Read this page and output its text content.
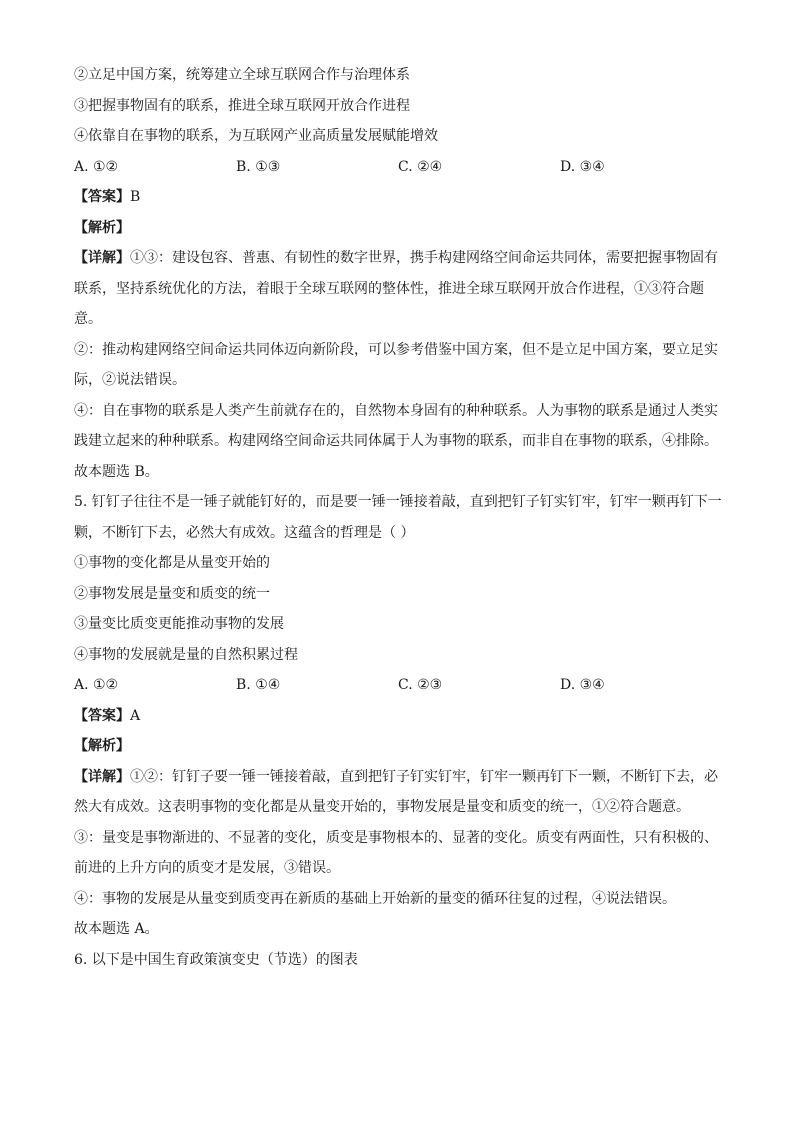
②立足中国方案，统筹建立全球互联网合作与治理体系
③把握事物固有的联系，推进全球互联网开放合作进程
④依靠自在事物的联系，为互联网产业高质量发展赋能增效
A. ①②	B. ①③	C. ②④	D. ③④
【答案】B
【解析】
【详解】①③：建设包容、普惠、有韧性的数字世界，携手构建网络空间命运共同体，需要把握事物固有
联系，坚持系统优化的方法，着眼于全球互联网的整体性，推进全球互联网开放合作进程，①③符合题
意。
②：推动构建网络空间命运共同体迈向新阶段，可以参考借鉴中国方案，但不是立足中国方案，要立足实
际，②说法错误。
④：自在事物的联系是人类产生前就存在的，自然物本身固有的种种联系。人为事物的联系是通过人类实
践建立起来的种种联系。构建网络空间命运共同体属于人为事物的联系，而非自在事物的联系，④排除。
故本题选 B。
5. 钉钉子往往不是一锤子就能钉好的，而是要一锤一锤接着敲，直到把钉子钉实钉牢，钉牢一颗再钉下一
颗，不断钉下去，必然大有成效。这蕴含的哲理是（ ）
①事物的变化都是从量变开始的
②事物发展是量变和质变的统一
③量变比质变更能推动事物的发展
④事物的发展就是量的自然积累过程
A. ①②	B. ①④	C. ②③	D. ③④
【答案】A
【解析】
【详解】①②：钉钉子要一锤一锤接着敲，直到把钉子钉实钉牢，钉牢一颗再钉下一颗，不断钉下去，必
然大有成效。这表明事物的变化都是从量变开始的，事物发展是量变和质变的统一，①②符合题意。
③：量变是事物渐进的、不显著的变化，质变是事物根本的、显著的变化。质变有两面性，只有积极的、
前进的上升方向的质变才是发展，③错误。
④：事物的发展是从量变到质变再在新质的基础上开始新的量变的循环往复的过程，④说法错误。
故本题选 A。
6. 以下是中国生育政策演变史（节选）的图表
